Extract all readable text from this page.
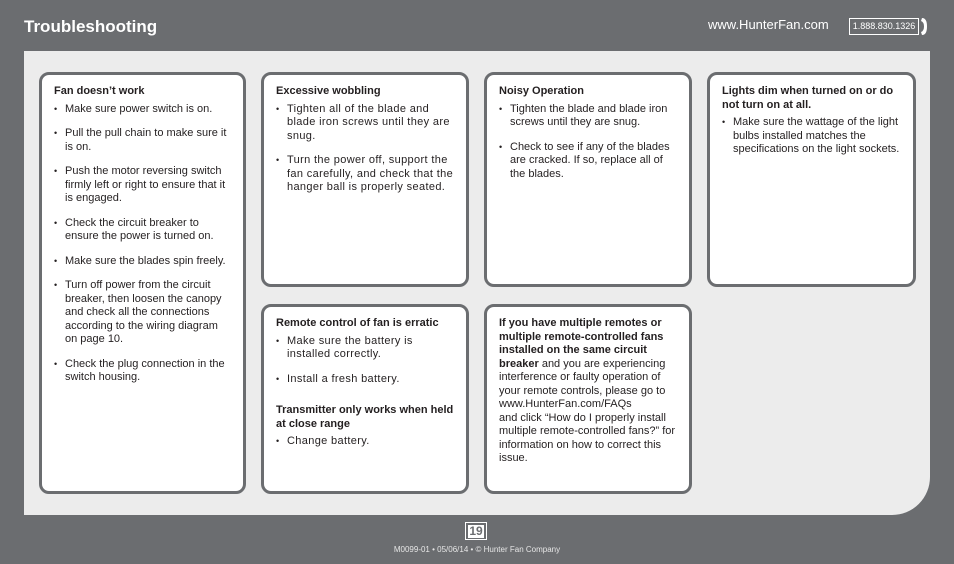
Troubleshooting	www.HunterFan.com	1.888.830.1326
Fan doesn’t work
• Make sure power switch is on.
• Pull the pull chain to make sure it is on.
• Push the motor reversing switch firmly left or right to ensure that it is engaged.
• Check the circuit breaker to ensure the power is turned on.
• Make sure the blades spin freely.
• Turn off power from the circuit breaker, then loosen the canopy and check all the connections according to the wiring diagram on page 10.
• Check the plug connection in the switch housing.
Excessive wobbling
• Tighten all of the blade and blade iron screws until they are snug.
• Turn the power off, support the fan carefully, and check that the hanger ball is properly seated.
Noisy Operation
• Tighten the blade and blade iron screws until they are snug.
• Check to see if any of the blades are cracked. If so, replace all of the blades.
Lights dim when turned on or do not turn on at all.
• Make sure the wattage of the light bulbs installed matches the specifications on the light sockets.
Remote control of fan is erratic
• Make sure the battery is installed correctly.
• Install a fresh battery.
Transmitter only works when held at close range
• Change battery.
If you have multiple remotes or multiple remote-controlled fans installed on the same circuit breaker and you are experiencing interference or faulty operation of your remote controls, please go to www.HunterFan.com/FAQs
and click “How do I properly install multiple remote-controlled fans?” for information on how to correct this issue.
19
M0099-01 • 05/06/14 • © Hunter Fan Company
